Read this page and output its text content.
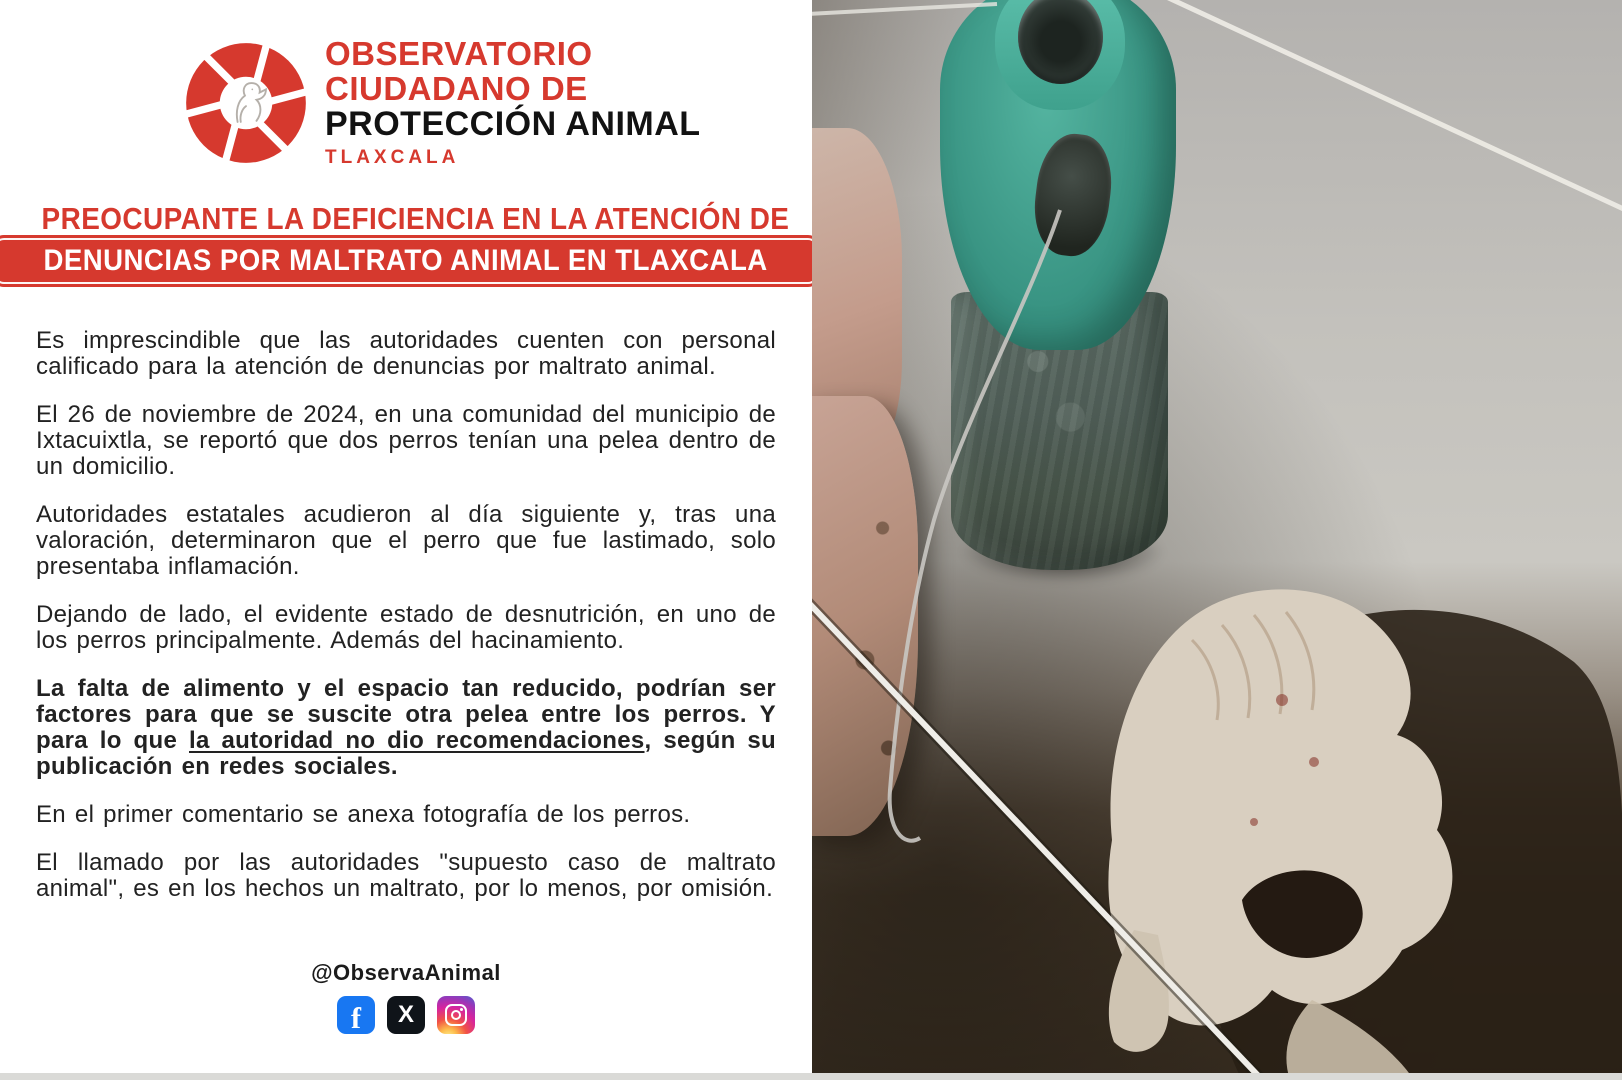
OBSERVATORIO
CIUDADANO DE
PROTECCIÓN ANIMAL
TLAXCALA
PREOCUPANTE LA DEFICIENCIA EN LA ATENCIÓN DE
DENUNCIAS POR MALTRATO ANIMAL EN TLAXCALA

Es imprescindible que las autoridades cuenten con personal calificado para la atención de denuncias por maltrato animal.

El 26 de noviembre de 2024, en una comunidad del municipio de Ixtacuixtla, se reportó que dos perros tenían una pelea dentro de un domicilio.

Autoridades estatales acudieron al día siguiente y, tras una valoración, determinaron que el perro que fue lastimado, solo presentaba inflamación.

Dejando de lado, el evidente estado de desnutrición, en uno de los perros principalmente. Además del hacinamiento.

La falta de alimento y el espacio tan reducido, podrían ser factores para que se suscite otra pelea entre los perros. Y para lo que la autoridad no dio recomendaciones, según su publicación en redes sociales.

En el primer comentario se anexa fotografía de los perros.

El llamado por las autoridades "supuesto caso de maltrato animal", es en los hechos un maltrato, por lo menos, por omisión.

@ObservaAnimal
f X
